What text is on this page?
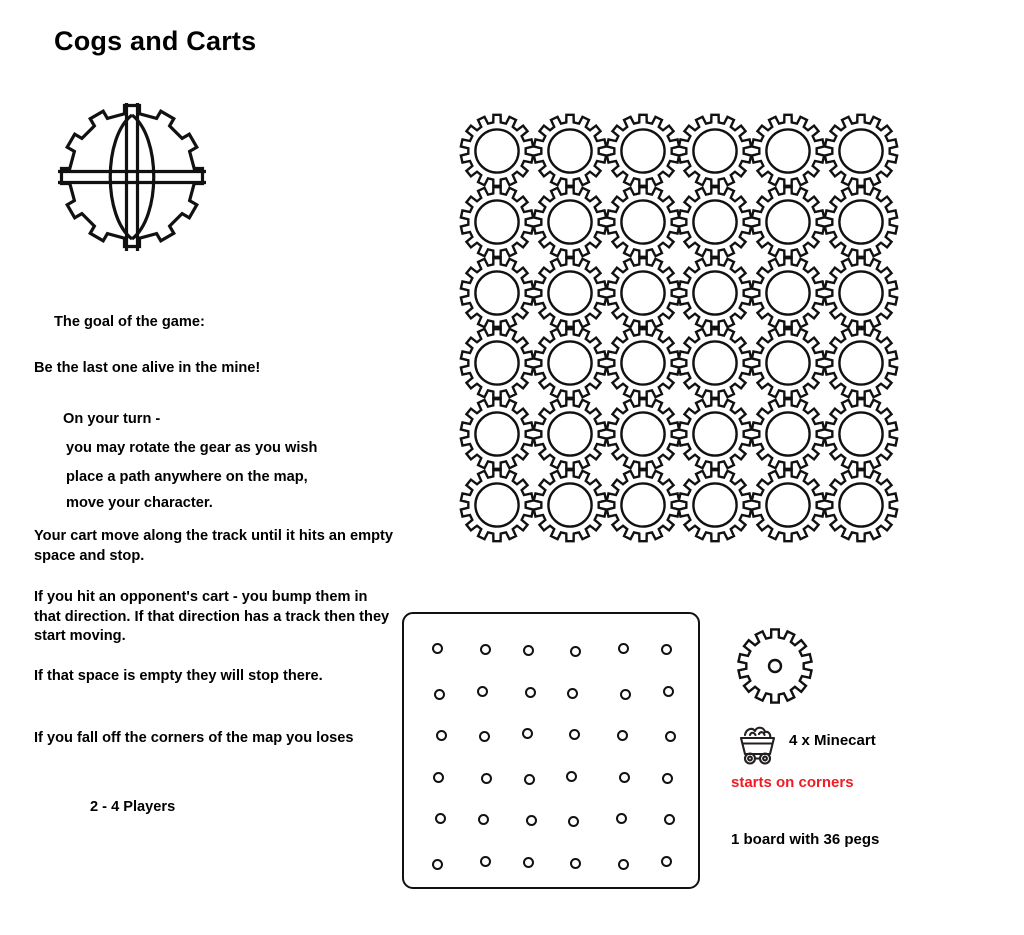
Cogs and Carts
The goal of the game:
Be the last one alive in the mine!
On your turn -
you may rotate the gear as you wish
place a path anywhere on the map,
move your character.
Your cart move along the track until it hits an empty space and stop.
If you hit an opponent's cart - you bump them in that direction. If that direction has a track then they start moving.
If that space is empty they will stop there.
If you fall off the corners of the map you loses
2 - 4 Players
4 x Minecart
starts on corners
1 board with 36 pegs
